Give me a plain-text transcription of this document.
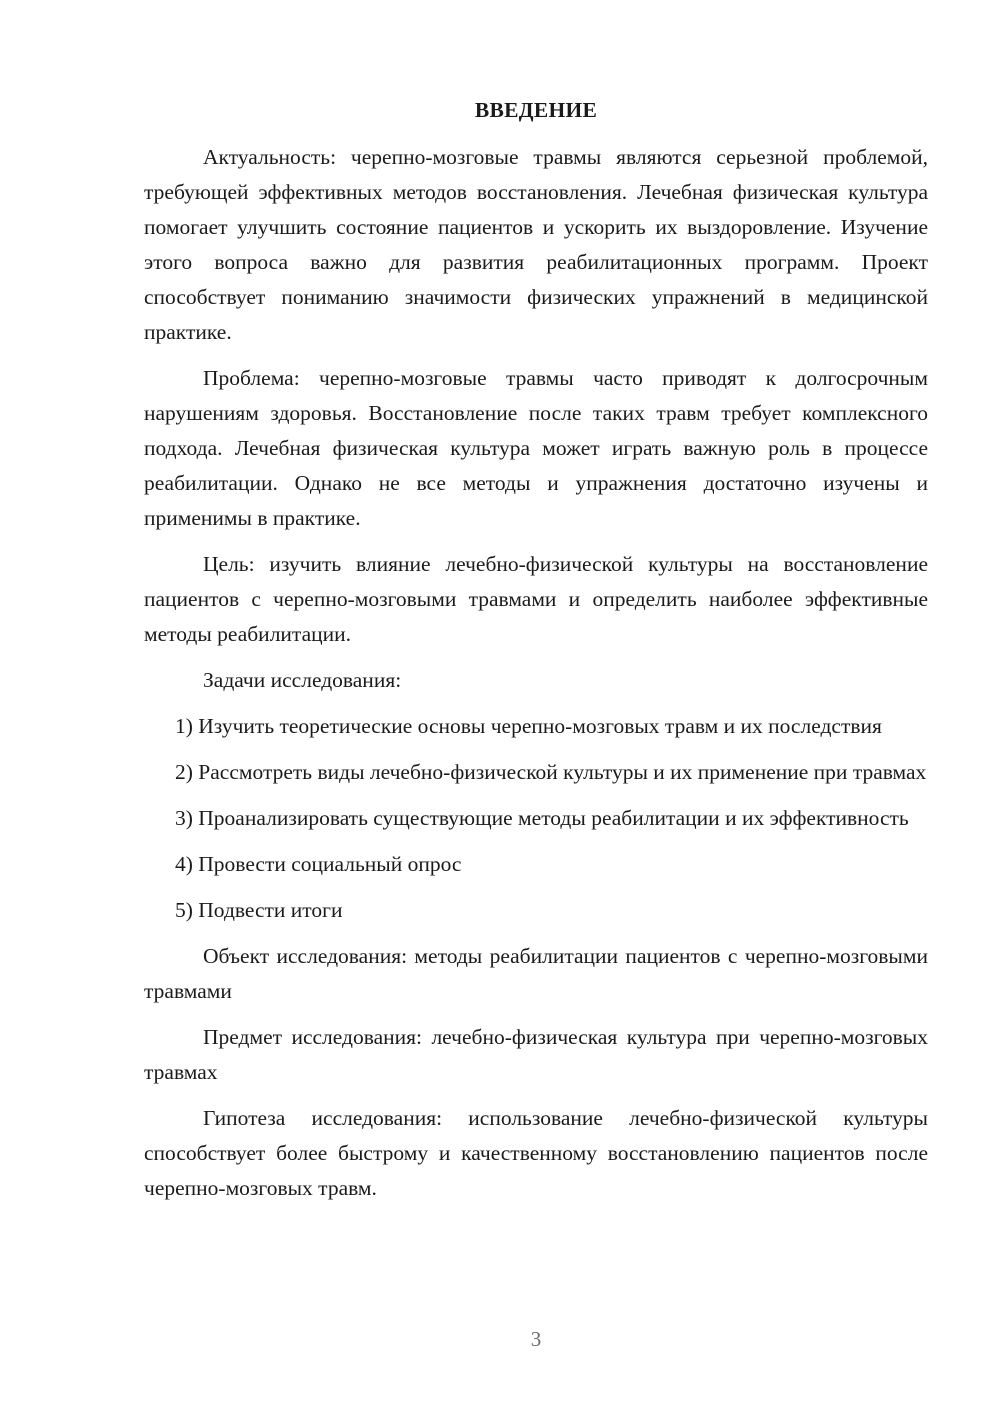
ВВЕДЕНИЕ

Актуальность: черепно-мозговые травмы являются серьезной проблемой, требующей эффективных методов восстановления. Лечебная физическая культура помогает улучшить состояние пациентов и ускорить их выздоровление. Изучение этого вопроса важно для развития реабилитационных программ. Проект способствует пониманию значимости физических упражнений в медицинской практике.

Проблема: черепно-мозговые травмы часто приводят к долгосрочным нарушениям здоровья. Восстановление после таких травм требует комплексного подхода. Лечебная физическая культура может играть важную роль в процессе реабилитации. Однако не все методы и упражнения достаточно изучены и применимы в практике.

Цель: изучить влияние лечебно-физической культуры на восстановление пациентов с черепно-мозговыми травмами и определить наиболее эффективные методы реабилитации.

Задачи исследования:

1) Изучить теоретические основы черепно-мозговых травм и их последствия

2) Рассмотреть виды лечебно-физической культуры и их применение при травмах

3) Проанализировать существующие методы реабилитации и их эффективность

4) Провести социальный опрос

5) Подвести итоги

Объект исследования: методы реабилитации пациентов с черепно-мозговыми травмами

Предмет исследования: лечебно-физическая культура при черепно-мозговых травмах

Гипотеза исследования: использование лечебно-физической культуры способствует более быстрому и качественному восстановлению пациентов после черепно-мозговых травм.

3
